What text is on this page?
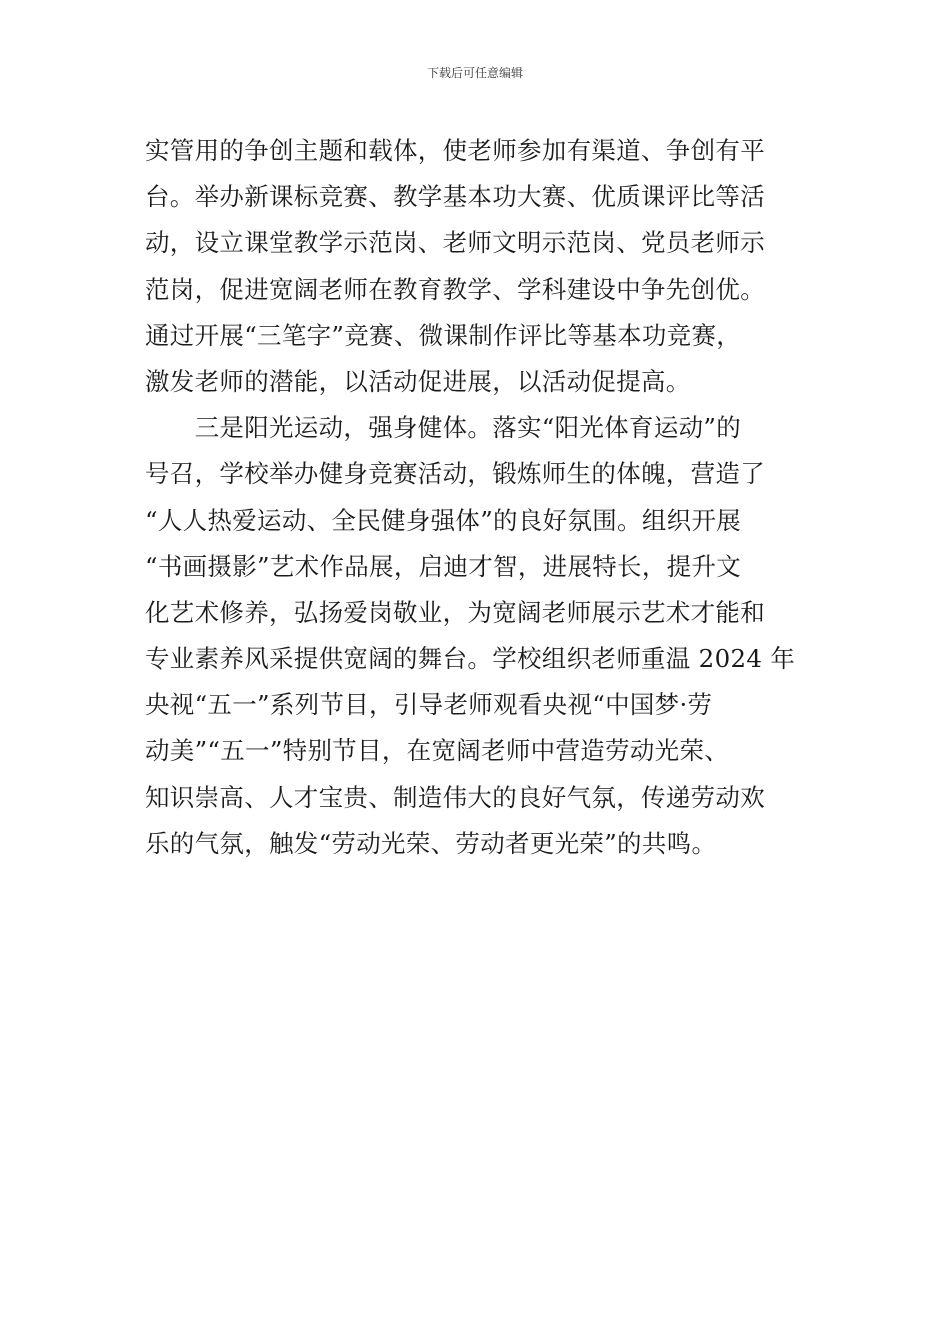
下载后可任意编辑
实管用的争创主题和载体，使老师参加有渠道、争创有平
台。举办新课标竞赛、教学基本功大赛、优质课评比等活
动，设立课堂教学示范岗、老师文明示范岗、党员老师示
范岗，促进宽阔老师在教育教学、学科建设中争先创优。
通过开展“三笔字”竞赛、微课制作评比等基本功竞赛，
激发老师的潜能，以活动促进展，以活动促提高。
　　三是阳光运动，强身健体。落实“阳光体育运动”的
号召，学校举办健身竞赛活动，锻炼师生的体魄，营造了
“人人热爱运动、全民健身强体”的良好氛围。组织开展
“书画摄影”艺术作品展，启迪才智，进展特长，提升文
化艺术修养，弘扬爱岗敬业，为宽阔老师展示艺术才能和
专业素养风采提供宽阔的舞台。学校组织老师重温 2024 年
央视“五一”系列节目，引导老师观看央视“中国梦·劳
动美”“五一”特别节目，在宽阔老师中营造劳动光荣、
知识崇高、人才宝贵、制造伟大的良好气氛，传递劳动欢
乐的气氛，触发“劳动光荣、劳动者更光荣”的共鸣。
